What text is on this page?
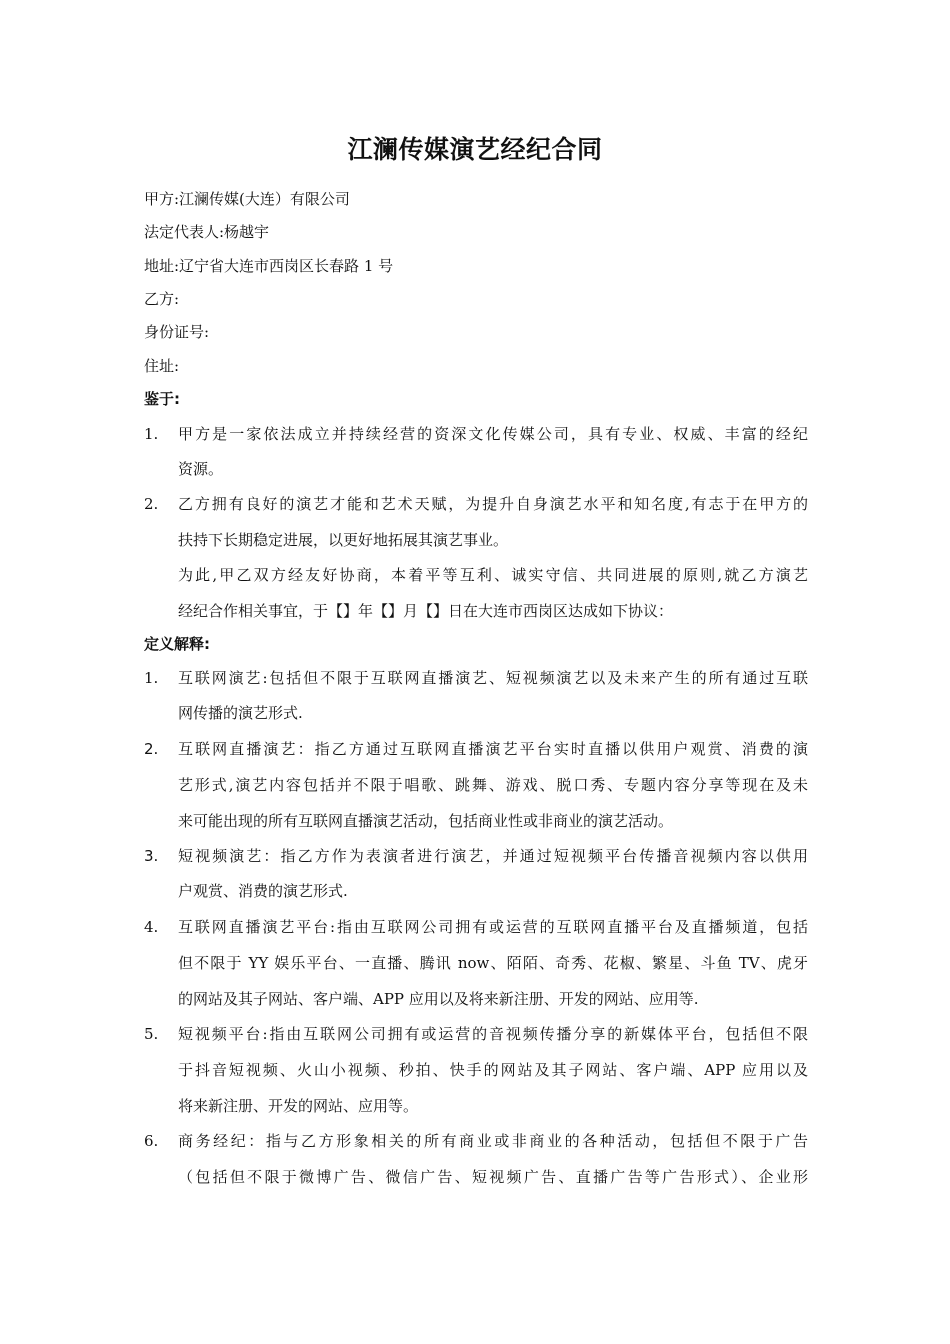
江澜传媒演艺经纪合同
甲方:江澜传媒(大连）有限公司
法定代表人:杨越宇
地址:辽宁省大连市西岗区长春路 1 号
乙方:
身份证号:
住址:
鉴于:
1. 甲方是一家依法成立并持续经营的资深文化传媒公司，具有专业、权威、丰富的经纪
资源。
2. 乙方拥有良好的演艺才能和艺术天赋，为提升自身演艺水平和知名度,有志于在甲方的
扶持下长期稳定进展，以更好地拓展其演艺事业。
为此,甲乙双方经友好协商，本着平等互利、诚实守信、共同进展的原则,就乙方演艺
经纪合作相关事宜，于【】年【】月【】日在大连市西岗区达成如下协议：
定义解释:
1. 互联网演艺:包括但不限于互联网直播演艺、短视频演艺以及未来产生的所有通过互联
网传播的演艺形式.
2. 互联网直播演艺：指乙方通过互联网直播演艺平台实时直播以供用户观赏、消费的演
艺形式,演艺内容包括并不限于唱歌、跳舞、游戏、脱口秀、专题内容分享等现在及未
来可能出现的所有互联网直播演艺活动，包括商业性或非商业的演艺活动。
3. 短视频演艺：指乙方作为表演者进行演艺，并通过短视频平台传播音视频内容以供用
户观赏、消费的演艺形式.
4. 互联网直播演艺平台:指由互联网公司拥有或运营的互联网直播平台及直播频道，包括
但不限于 YY 娱乐平台、一直播、腾讯 now、陌陌、奇秀、花椒、繁星、斗鱼 TV、虎牙
的网站及其子网站、客户端、APP 应用以及将来新注册、开发的网站、应用等.
5. 短视频平台:指由互联网公司拥有或运营的音视频传播分享的新媒体平台，包括但不限
于抖音短视频、火山小视频、秒拍、快手的网站及其子网站、客户端、APP 应用以及
将来新注册、开发的网站、应用等。
6. 商务经纪：指与乙方形象相关的所有商业或非商业的各种活动，包括但不限于广告
（包括但不限于微博广告、微信广告、短视频广告、直播广告等广告形式）、企业形
